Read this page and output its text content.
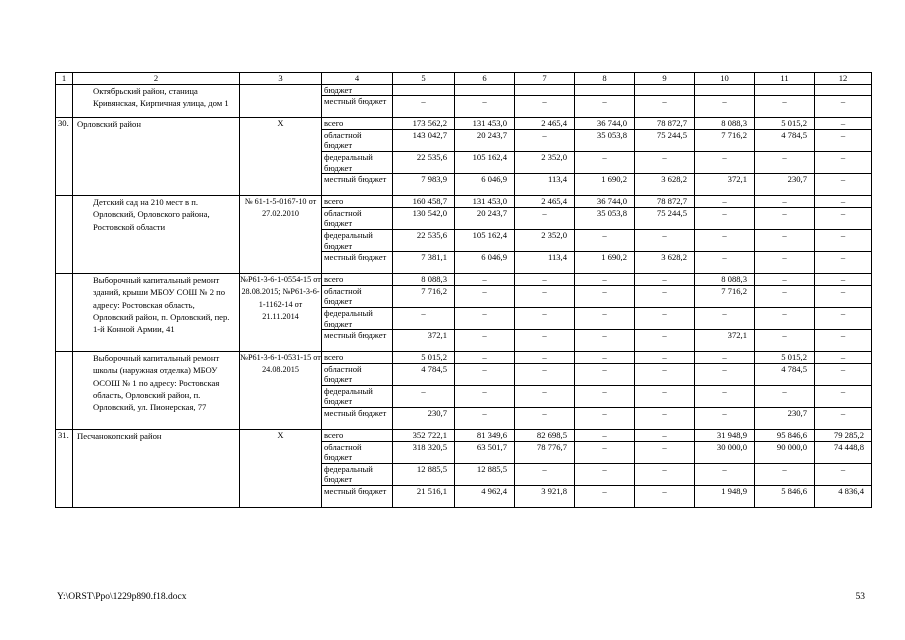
1	2	3	4	5	6	7	8	9	10	11	12

	Октябрьский район, станица Кривянская, Кирпичная улица, дом 1		бюджет								
			местный бюджет	–	–	–	–	–	–	–	–
30.	Орловский район	Х	всего	173 562,2	131 453,0	2 465,4	36 744,0	78 872,7	8 088,3	5 015,2	–
			областной бюджет	143 042,7	20 243,7	–	35 053,8	75 244,5	7 716,2	4 784,5	–
			федеральный бюджет	22 535,6	105 162,4	2 352,0	–	–	–	–	–
			местный бюджет	7 983,9	6 046,9	113,4	1 690,2	3 628,2	372,1	230,7	–

	Детский сад на 210 мест в п. Орловский, Орловского района, Ростовской области	№ 61-1-5-0167-10 от 27.02.2010	всего	160 458,7	131 453,0	2 465,4	36 744,0	78 872,7	–	–	–
			областной бюджет	130 542,0	20 243,7	–	35 053,8	75 244,5	–	–	–
			федеральный бюджет	22 535,6	105 162,4	2 352,0	–	–	–	–	–
			местный бюджет	7 381,1	6 046,9	113,4	1 690,2	3 628,2	–	–	–

	Выборочный капитальный ремонт зданий, крыши МБОУ СОШ № 2 по адресу: Ростовская область, Орловский район, п. Орловский, пер. 1-й Конной Армии, 41	№Р61-3-6-1-0554-15 от 28.08.2015; №Р61-3-6-1-1162-14 от 21.11.2014	всего	8 088,3	–	–	–	–	8 088,3	–	–
			областной бюджет	7 716,2	–	–	–	–	7 716,2	–	–
			федеральный бюджет	–	–	–	–	–	–	–	–
			местный бюджет	372,1	–	–	–	–	372,1	–	–

	Выборочный капитальный ремонт школы (наружная отделка) МБОУ ОСОШ № 1 по адресу: Ростовская область, Орловский район, п. Орловский, ул. Пионерская, 77	№Р61-3-6-1-0531-15 от 24.08.2015	всего	5 015,2	–	–	–	–	–	5 015,2	–
			областной бюджет	4 784,5	–	–	–	–	–	4 784,5	–
			федеральный бюджет	–	–	–	–	–	–	–	–
			местный бюджет	230,7	–	–	–	–	–	230,7	–
31.	Песчанокопский район	Х	всего	352 722,1	81 349,6	82 698,5	–	–	31 948,9	95 846,6	79 285,2
			областной бюджет	318 320,5	63 501,7	78 776,7	–	–	30 000,0	90 000,0	74 448,8
			федеральный бюджет	12 885,5	12 885,5	–	–	–	–	–	–
			местный бюджет	21 516,1	4 962,4	3 921,8	–	–	1 948,9	5 846,6	4 836,4
Y:\ORST\Ppo\1229p890.f18.docx	53
